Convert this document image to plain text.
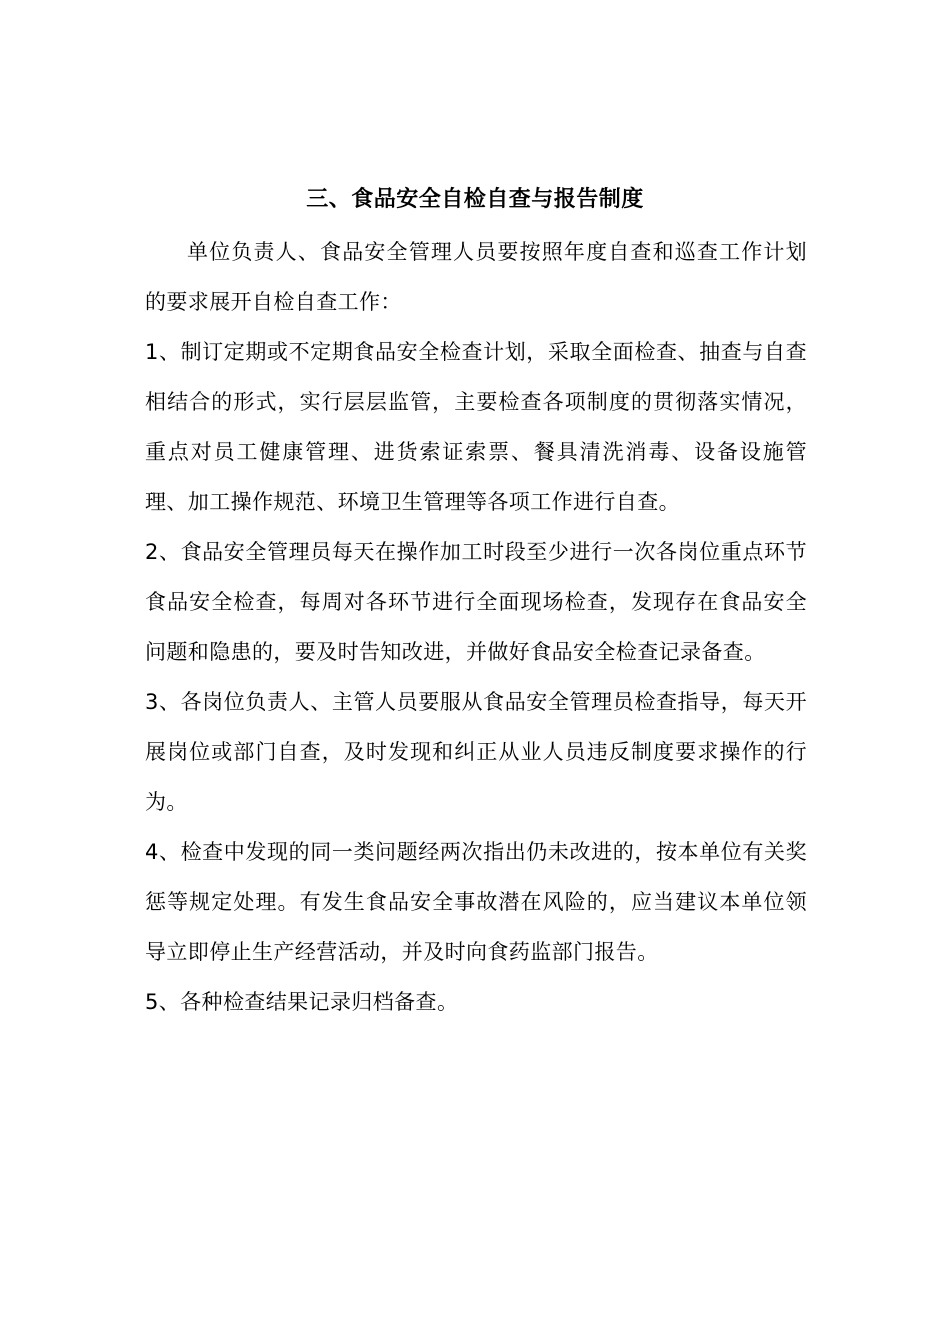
三、食品安全自检自查与报告制度

单位负责人、食品安全管理人员要按照年度自查和巡查工作计划的要求展开自检自查工作：

1、制订定期或不定期食品安全检查计划，采取全面检查、抽查与自查相结合的形式，实行层层监管，主要检查各项制度的贯彻落实情况，重点对员工健康管理、进货索证索票、餐具清洗消毒、设备设施管理、加工操作规范、环境卫生管理等各项工作进行自查。

2、食品安全管理员每天在操作加工时段至少进行一次各岗位重点环节食品安全检查，每周对各环节进行全面现场检查，发现存在食品安全问题和隐患的，要及时告知改进，并做好食品安全检查记录备查。

3、各岗位负责人、主管人员要服从食品安全管理员检查指导，每天开展岗位或部门自查，及时发现和纠正从业人员违反制度要求操作的行为。

4、检查中发现的同一类问题经两次指出仍未改进的，按本单位有关奖惩等规定处理。有发生食品安全事故潜在风险的，应当建议本单位领导立即停止生产经营活动，并及时向食药监部门报告。

5、各种检查结果记录归档备查。
